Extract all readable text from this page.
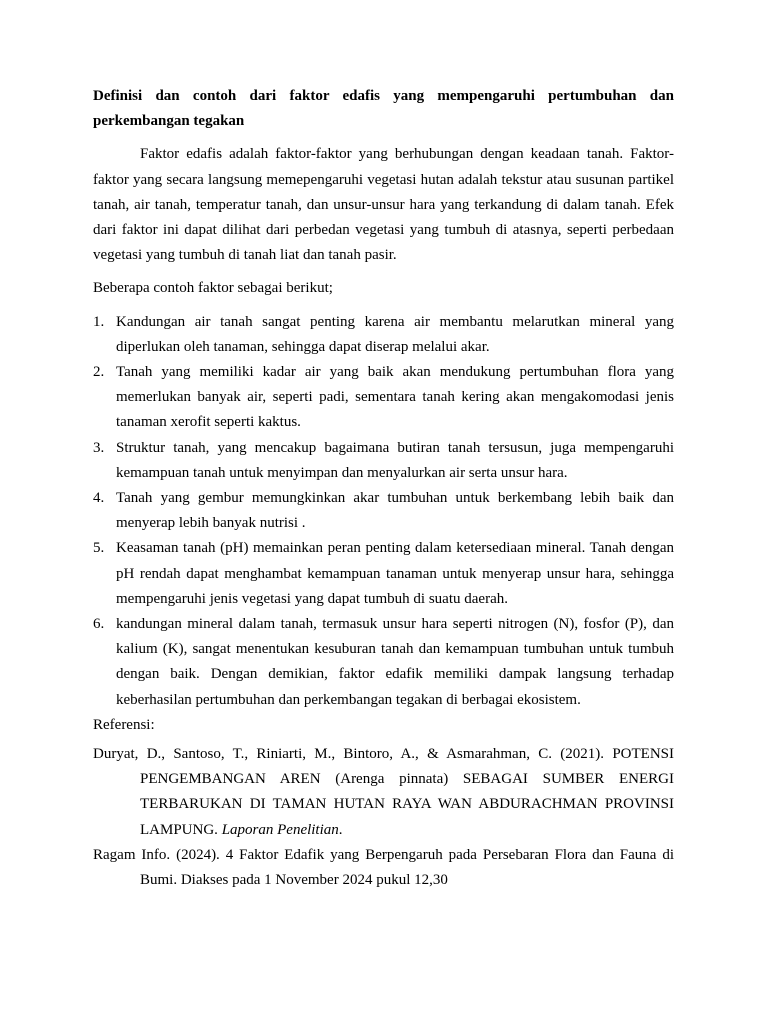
Definisi dan contoh dari faktor edafis yang mempengaruhi pertumbuhan dan perkembangan tegakan

Faktor edafis adalah faktor-faktor yang berhubungan dengan keadaan tanah. Faktor-faktor yang secara langsung memepengaruhi vegetasi hutan adalah tekstur atau susunan partikel tanah, air tanah, temperatur tanah, dan unsur-unsur hara yang terkandung di dalam tanah. Efek dari faktor ini dapat dilihat dari perbedan vegetasi yang tumbuh di atasnya, seperti perbedaan vegetasi yang tumbuh di tanah liat dan tanah pasir.

Beberapa contoh faktor sebagai berikut;

1. Kandungan air tanah sangat penting karena air membantu melarutkan mineral yang diperlukan oleh tanaman, sehingga dapat diserap melalui akar.
2. Tanah yang memiliki kadar air yang baik akan mendukung pertumbuhan flora yang memerlukan banyak air, seperti padi, sementara tanah kering akan mengakomodasi jenis tanaman xerofit seperti kaktus.
3. Struktur tanah, yang mencakup bagaimana butiran tanah tersusun, juga mempengaruhi kemampuan tanah untuk menyimpan dan menyalurkan air serta unsur hara.
4. Tanah yang gembur memungkinkan akar tumbuhan untuk berkembang lebih baik dan menyerap lebih banyak nutrisi .
5. Keasaman tanah (pH) memainkan peran penting dalam ketersediaan mineral. Tanah dengan pH rendah dapat menghambat kemampuan tanaman untuk menyerap unsur hara, sehingga mempengaruhi jenis vegetasi yang dapat tumbuh di suatu daerah.
6. kandungan mineral dalam tanah, termasuk unsur hara seperti nitrogen (N), fosfor (P), dan kalium (K), sangat menentukan kesuburan tanah dan kemampuan tumbuhan untuk tumbuh dengan baik. Dengan demikian, faktor edafik memiliki dampak langsung terhadap keberhasilan pertumbuhan dan perkembangan tegakan di berbagai ekosistem.

Referensi:

Duryat, D., Santoso, T., Riniarti, M., Bintoro, A., & Asmarahman, C. (2021). POTENSI PENGEMBANGAN AREN (Arenga pinnata) SEBAGAI SUMBER ENERGI TERBARUKAN DI TAMAN HUTAN RAYA WAN ABDURACHMAN PROVINSI LAMPUNG. Laporan Penelitian.

Ragam Info. (2024). 4 Faktor Edafik yang Berpengaruh pada Persebaran Flora dan Fauna di Bumi. Diakses pada 1 November 2024 pukul 12,30
